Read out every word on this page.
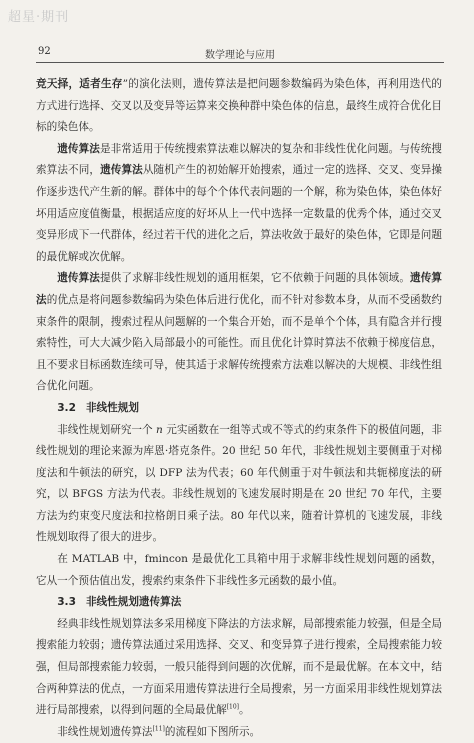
超星·期刊
92	数学理论与应用

竞天择，适者生存”的演化法则，遗传算法是把问题参数编码为染色体，再利用迭代的方式进行选择、交叉以及变异等运算来交换种群中染色体的信息，最终生成符合优化目标的染色体。

遗传算法是非常适用于传统搜索算法难以解决的复杂和非线性优化问题。与传统搜索算法不同，遗传算法从随机产生的初始解开始搜索，通过一定的选择、交叉、变异操作逐步迭代产生新的解。群体中的每个个体代表问题的一个解，称为染色体，染色体好坏用适应度值衡量，根据适应度的好坏从上一代中选择一定数量的优秀个体，通过交叉变异形成下一代群体，经过若干代的进化之后，算法收敛于最好的染色体，它即是问题的最优解或次优解。

遗传算法提供了求解非线性规划的通用框架，它不依赖于问题的具体领域。遗传算法的优点是将问题参数编码为染色体后进行优化，而不针对参数本身，从而不受函数约束条件的限制，搜索过程从问题解的一个集合开始，而不是单个个体，具有隐含并行搜索特性，可大大减少陷入局部最小的可能性。而且优化计算时算法不依赖于梯度信息，且不要求目标函数连续可导，使其适于求解传统搜索方法难以解决的大规模、非线性组合优化问题。

3.2 非线性规划

非线性规划研究一个 n 元实函数在一组等式或不等式的约束条件下的极值问题，非线性规划的理论来源为库恩·塔克条件。20 世纪 50 年代，非线性规划主要侧重于对梯度法和牛顿法的研究，以 DFP 法为代表；60 年代侧重于对牛顿法和共轭梯度法的研究，以 BFGS 方法为代表。非线性规划的飞速发展时期是在 20 世纪 70 年代，主要方法为约束变尺度法和拉格朗日乘子法。80 年代以来，随着计算机的飞速发展，非线性规划取得了很大的进步。

在 MATLAB 中，fmincon 是最优化工具箱中用于求解非线性规划问题的函数，它从一个预估值出发，搜索约束条件下非线性多元函数的最小值。

3.3 非线性规划遗传算法

经典非线性规划算法多采用梯度下降法的方法求解，局部搜索能力较强，但是全局搜索能力较弱；遗传算法通过采用选择、交叉、和变异算子进行搜索，全局搜索能力较强，但局部搜索能力较弱，一般只能得到问题的次优解，而不是最优解。在本文中，结合两种算法的优点，一方面采用遗传算法进行全局搜索，另一方面采用非线性规划算法进行局部搜索，以得到问题的全局最优解[10]。

非线性规划遗传算法[11]的流程如下图所示。
